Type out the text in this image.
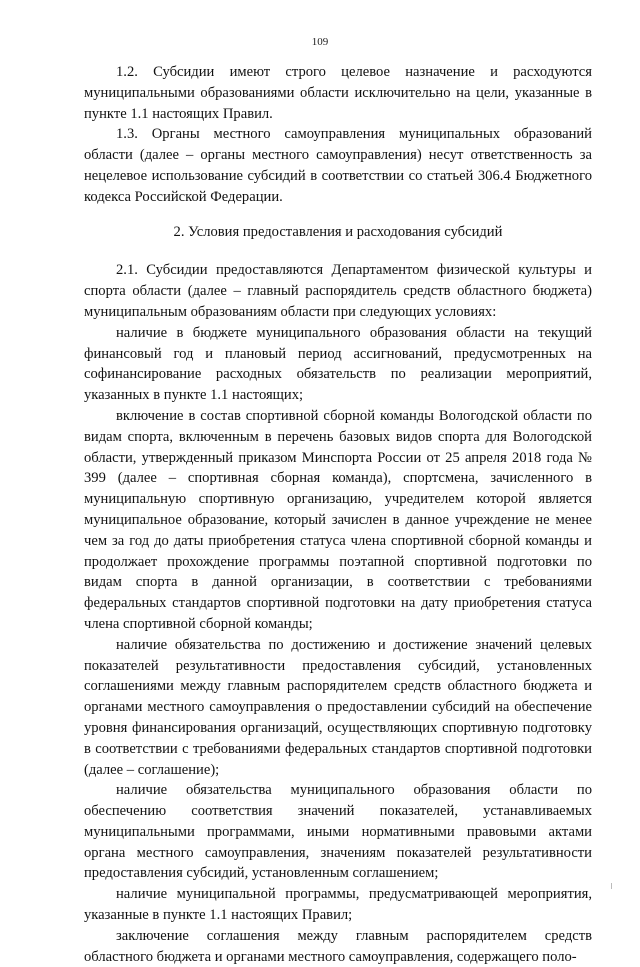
109

1.2. Субсидии имеют строго целевое назначение и расходуются муниципальными образованиями области исключительно на цели, указанные в пункте 1.1 настоящих Правил.

1.3. Органы местного самоуправления муниципальных образований области (далее – органы местного самоуправления) несут ответственность за нецелевое использование субсидий в соответствии со статьей 306.4 Бюджетного кодекса Российской Федерации.

2. Условия предоставления и расходования субсидий

2.1. Субсидии предоставляются Департаментом физической культуры и спорта области (далее – главный распорядитель средств областного бюджета) муниципальным образованиям области при следующих условиях:

наличие в бюджете муниципального образования области на текущий финансовый год и плановый период ассигнований, предусмотренных на софинансирование расходных обязательств по реализации мероприятий, указанных в пункте 1.1 настоящих;

включение в состав спортивной сборной команды Вологодской области по видам спорта, включенным в перечень базовых видов спорта для Вологодской области, утвержденный приказом Минспорта России от 25 апреля 2018 года № 399 (далее – спортивная сборная команда), спортсмена, зачисленного в муниципальную спортивную организацию, учредителем которой является муниципальное образование, который зачислен в данное учреждение не менее чем за год до даты приобретения статуса члена спортивной сборной команды и продолжает прохождение программы поэтапной спортивной подготовки по видам спорта в данной организации, в соответствии с требованиями федеральных стандартов спортивной подготовки на дату приобретения статуса члена спортивной сборной команды;

наличие обязательства по достижению и достижение значений целевых показателей результативности предоставления субсидий, установленных соглашениями между главным распорядителем средств областного бюджета и органами местного самоуправления о предоставлении субсидий на обеспечение уровня финансирования организаций, осуществляющих спортивную подготовку в соответствии с требованиями федеральных стандартов спортивной подготовки (далее – соглашение);

наличие обязательства муниципального образования области по обеспечению соответствия значений показателей, устанавливаемых муниципальными программами, иными нормативными правовыми актами органа местного самоуправления, значениям показателей результативности предоставления субсидий, установленным соглашением;

наличие муниципальной программы, предусматривающей мероприятия, указанные в пункте 1.1 настоящих Правил;

заключение соглашения между главным распорядителем средств областного бюджета и органами местного самоуправления, содержащего поло-
